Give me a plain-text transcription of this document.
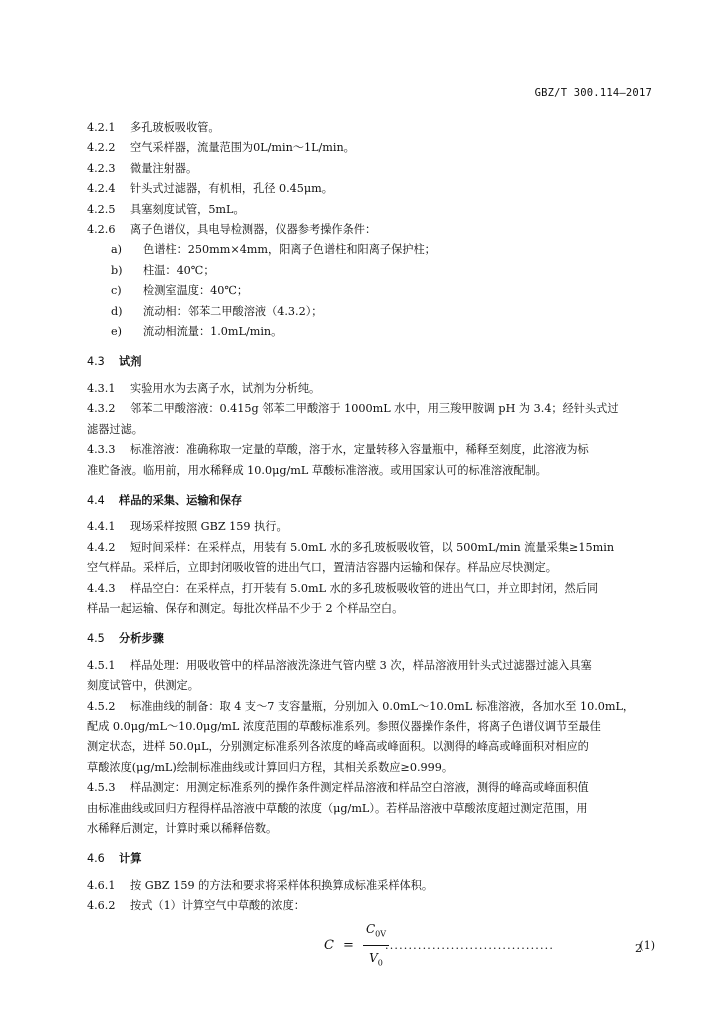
GBZ/T 300.114—2017
4.2.1 多孔玻板吸收管。
4.2.2 空气采样器，流量范围为0L/min～1L/min。
4.2.3 微量注射器。
4.2.4 针头式过滤器，有机相，孔径 0.45μm。
4.2.5 具塞刻度试管，5mL。
4.2.6 离子色谱仪，具电导检测器，仪器参考操作条件：
a) 色谱柱：250mm×4mm，阳离子色谱柱和阳离子保护柱；
b) 柱温：40℃；
c) 检测室温度：40℃；
d) 流动相：邻苯二甲酸溶液（4.3.2）；
e) 流动相流量：1.0mL/min。
4.3 试剂
4.3.1 实验用水为去离子水，试剂为分析纯。
4.3.2 邻苯二甲酸溶液：0.415g 邻苯二甲酸溶于 1000mL 水中，用三羧甲胺调 pH 为 3.4；经针头式过
滤器过滤。
4.3.3 标准溶液：准确称取一定量的草酸，溶于水，定量转移入容量瓶中，稀释至刻度，此溶液为标
准贮备液。临用前，用水稀释成 10.0μg/mL 草酸标准溶液。或用国家认可的标准溶液配制。
4.4 样品的采集、运输和保存
4.4.1 现场采样按照 GBZ 159 执行。
4.4.2 短时间采样：在采样点，用装有 5.0mL 水的多孔玻板吸收管，以 500mL/min 流量采集≥15min
空气样品。采样后，立即封闭吸收管的进出气口，置清洁容器内运输和保存。样品应尽快测定。
4.4.3 样品空白：在采样点，打开装有 5.0mL 水的多孔玻板吸收管的进出气口，并立即封闭，然后同
样品一起运输、保存和测定。每批次样品不少于 2 个样品空白。
4.5 分析步骤
4.5.1 样品处理：用吸收管中的样品溶液洗涤进气管内壁 3 次，样品溶液用针头式过滤器过滤入具塞
刻度试管中，供测定。
4.5.2 标准曲线的制备：取 4 支～7 支容量瓶，分别加入 0.0mL～10.0mL 标准溶液，各加水至 10.0mL，
配成 0.0μg/mL～10.0μg/mL 浓度范围的草酸标准系列。参照仪器操作条件，将离子色谱仪调节至最佳
测定状态，进样 50.0μL，分别测定标准系列各浓度的峰高或峰面积。以测得的峰高或峰面积对相应的
草酸浓度(μg/mL)绘制标准曲线或计算回归方程，其相关系数应≥0.999。
4.5.3 样品测定：用测定标准系列的操作条件测定样品溶液和样品空白溶液，测得的峰高或峰面积值
由标准曲线或回归方程得样品溶液中草酸的浓度（μg/mL）。若样品溶液中草酸浓度超过测定范围，用
水稀释后测定，计算时乘以稀释倍数。
4.6 计算
4.6.1 按 GBZ 159 的方法和要求将采样体积换算成标准采样体积。
4.6.2 按式（1）计算空气中草酸的浓度：
C =
$C_{0V}$
$V_0$
....................................	(1)
2
